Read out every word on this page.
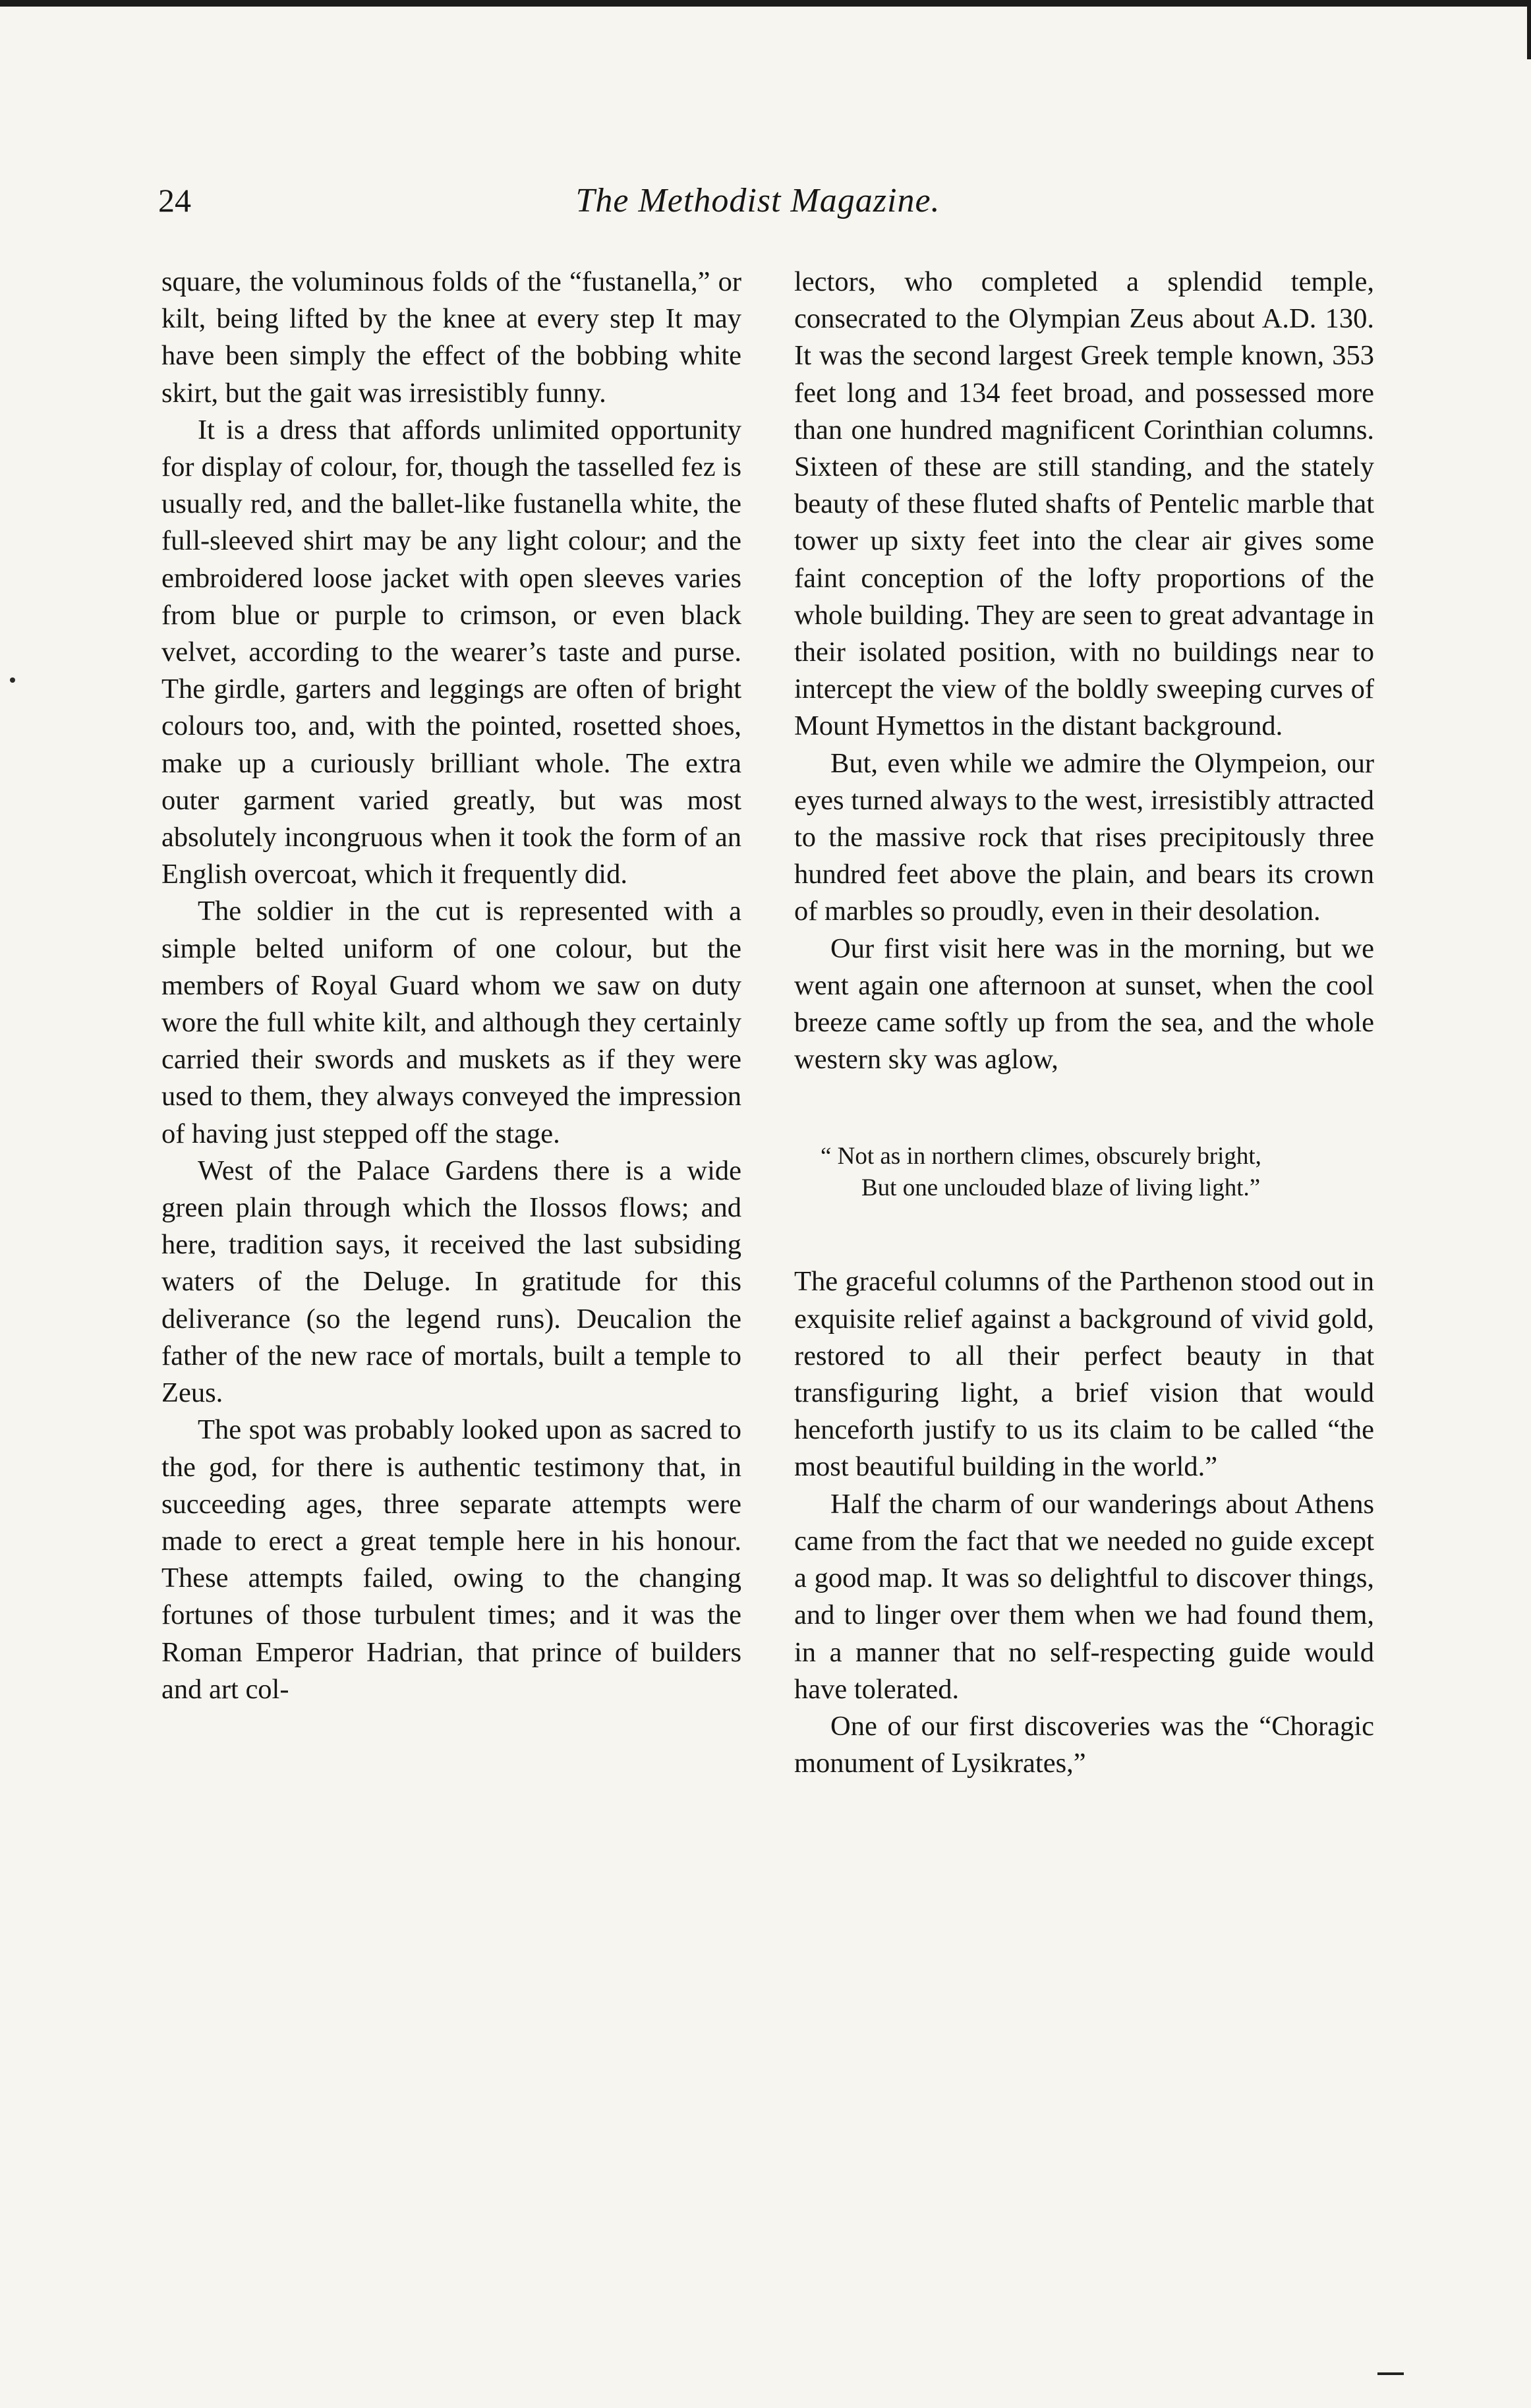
24	The Methodist Magazine.

square, the voluminous folds of the “fustanella,” or kilt, being lifted by the knee at every step It may have been simply the effect of the bobbing white skirt, but the gait was irresistibly funny.

It is a dress that affords unlimited opportunity for display of colour, for, though the tasselled fez is usually red, and the ballet-like fustanella white, the full-sleeved shirt may be any light colour; and the embroidered loose jacket with open sleeves varies from blue or purple to crimson, or even black velvet, according to the wearer’s taste and purse. The girdle, garters and leggings are often of bright colours too, and, with the pointed, rosetted shoes, make up a curiously brilliant whole. The extra outer garment varied greatly, but was most absolutely incongruous when it took the form of an English overcoat, which it frequently did.

The soldier in the cut is represented with a simple belted uniform of one colour, but the members of Royal Guard whom we saw on duty wore the full white kilt, and although they certainly carried their swords and muskets as if they were used to them, they always conveyed the impression of having just stepped off the stage.

West of the Palace Gardens there is a wide green plain through which the Ilossos flows; and here, tradition says, it received the last subsiding waters of the Deluge. In gratitude for this deliverance (so the legend runs). Deucalion the father of the new race of mortals, built a temple to Zeus.

The spot was probably looked upon as sacred to the god, for there is authentic testimony that, in succeeding ages, three separate attempts were made to erect a great temple here in his honour. These attempts failed, owing to the changing fortunes of those turbulent times; and it was the Roman Emperor Hadrian, that prince of builders and art col-

lectors, who completed a splendid temple, consecrated to the Olympian Zeus about A.D. 130. It was the second largest Greek temple known, 353 feet long and 134 feet broad, and possessed more than one hundred magnificent Corinthian columns. Sixteen of these are still standing, and the stately beauty of these fluted shafts of Pentelic marble that tower up sixty feet into the clear air gives some faint conception of the lofty proportions of the whole building. They are seen to great advantage in their isolated position, with no buildings near to intercept the view of the boldly sweeping curves of Mount Hymettos in the distant background.

But, even while we admire the Olympeion, our eyes turned always to the west, irresistibly attracted to the massive rock that rises precipitously three hundred feet above the plain, and bears its crown of marbles so proudly, even in their desolation.

Our first visit here was in the morning, but we went again one afternoon at sunset, when the cool breeze came softly up from the sea, and the whole western sky was aglow,

“ Not as in northern climes, obscurely bright,
But one unclouded blaze of living light.”

The graceful columns of the Parthenon stood out in exquisite relief against a background of vivid gold, restored to all their perfect beauty in that transfiguring light, a brief vision that would henceforth justify to us its claim to be called “the most beautiful building in the world.”

Half the charm of our wanderings about Athens came from the fact that we needed no guide except a good map. It was so delightful to discover things, and to linger over them when we had found them, in a manner that no self-respecting guide would have tolerated.

One of our first discoveries was the “Choragic monument of Lysikrates,”
